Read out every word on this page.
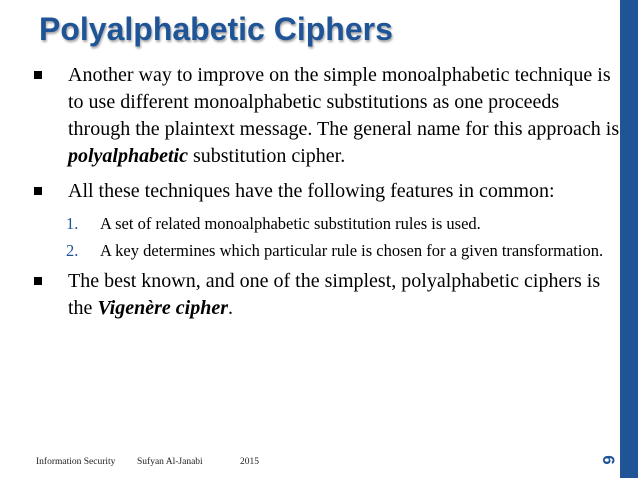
Polyalphabetic Ciphers
Another way to improve on the simple monoalphabetic technique is to use different monoalphabetic substitutions as one proceeds through the plaintext message. The general name for this approach is polyalphabetic substitution cipher.
All these techniques have the following features in common:
1. A set of related monoalphabetic substitution rules is used.
2. A key determines which particular rule is chosen for a given transformation.
The best known, and one of the simplest, polyalphabetic ciphers is the Vigenère cipher.
Information Security Sufyan Al-Janabi	2015	6
